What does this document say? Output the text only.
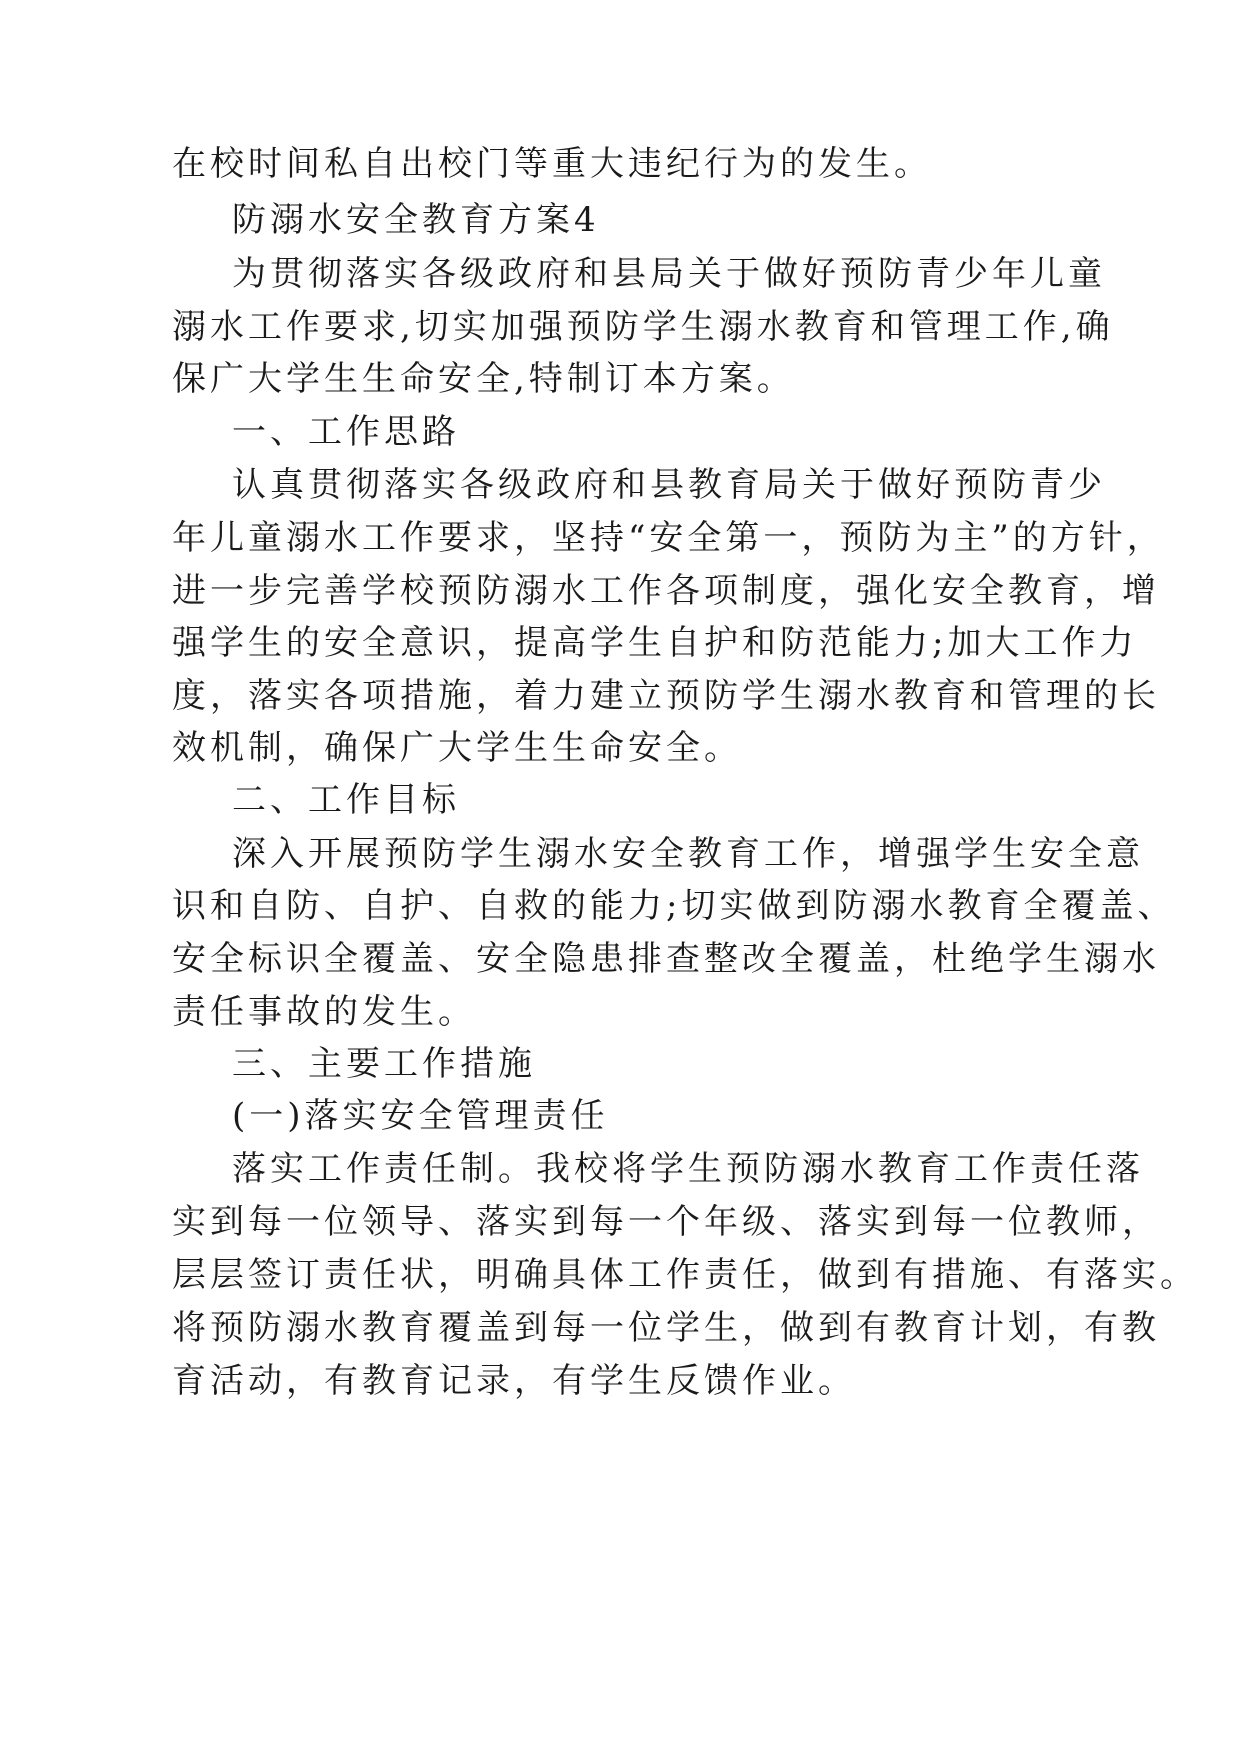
在校时间私自出校门等重大违纪行为的发生。
防溺水安全教育方案4
为贯彻落实各级政府和县局关于做好预防青少年儿童
溺水工作要求,切实加强预防学生溺水教育和管理工作,确
保广大学生生命安全,特制订本方案。
一、工作思路
认真贯彻落实各级政府和县教育局关于做好预防青少
年儿童溺水工作要求，坚持“安全第一，预防为主”的方针，
进一步完善学校预防溺水工作各项制度，强化安全教育，增
强学生的安全意识，提高学生自护和防范能力;加大工作力
度，落实各项措施，着力建立预防学生溺水教育和管理的长
效机制，确保广大学生生命安全。
二、工作目标
深入开展预防学生溺水安全教育工作，增强学生安全意
识和自防、自护、自救的能力;切实做到防溺水教育全覆盖、
安全标识全覆盖、安全隐患排查整改全覆盖，杜绝学生溺水
责任事故的发生。
三、主要工作措施
(一)落实安全管理责任
落实工作责任制。我校将学生预防溺水教育工作责任落
实到每一位领导、落实到每一个年级、落实到每一位教师，
层层签订责任状，明确具体工作责任，做到有措施、有落实。
将预防溺水教育覆盖到每一位学生，做到有教育计划，有教
育活动，有教育记录，有学生反馈作业。
